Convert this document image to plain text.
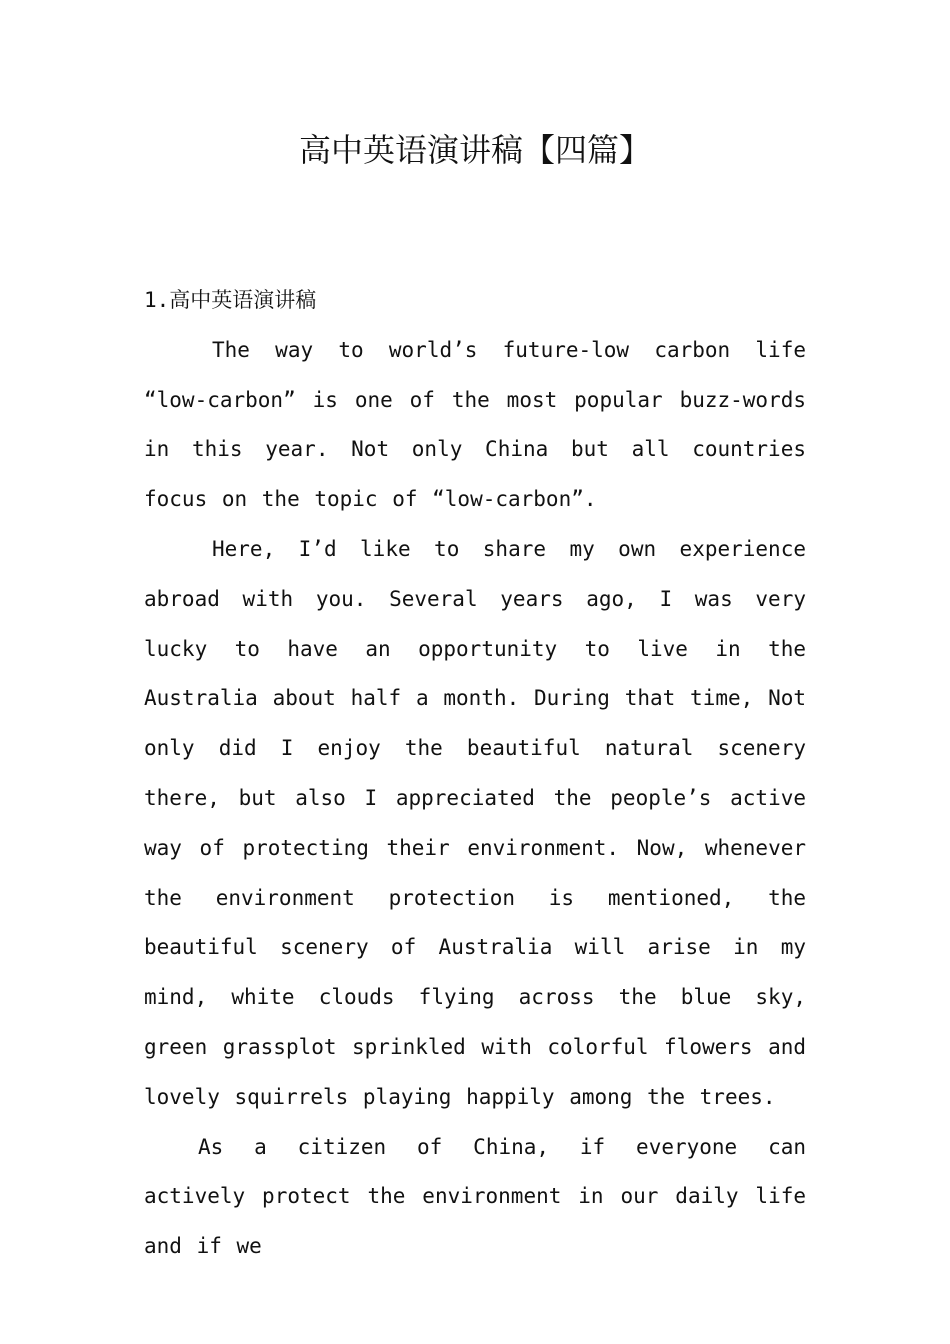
高中英语演讲稿【四篇】

1.高中英语演讲稿

The way to world’s future-low carbon life “low-carbon” is one of the most popular buzz-words in this year. Not only China but all countries focus on the topic of “low-carbon”.

Here, I’d like to share my own experience abroad with you. Several years ago, I was very lucky to have an opportunity to live in the Australia about half a month. During that time, Not only did I enjoy the beautiful natural scenery there, but also I appreciated the people’s active way of protecting their environment. Now, whenever the environment protection is mentioned, the beautiful scenery of Australia will arise in my mind, white clouds flying across the blue sky, green grassplot sprinkled with colorful flowers and lovely squirrels playing happily among the trees.

As a citizen of China, if everyone can actively protect the environment in our daily life and if we
